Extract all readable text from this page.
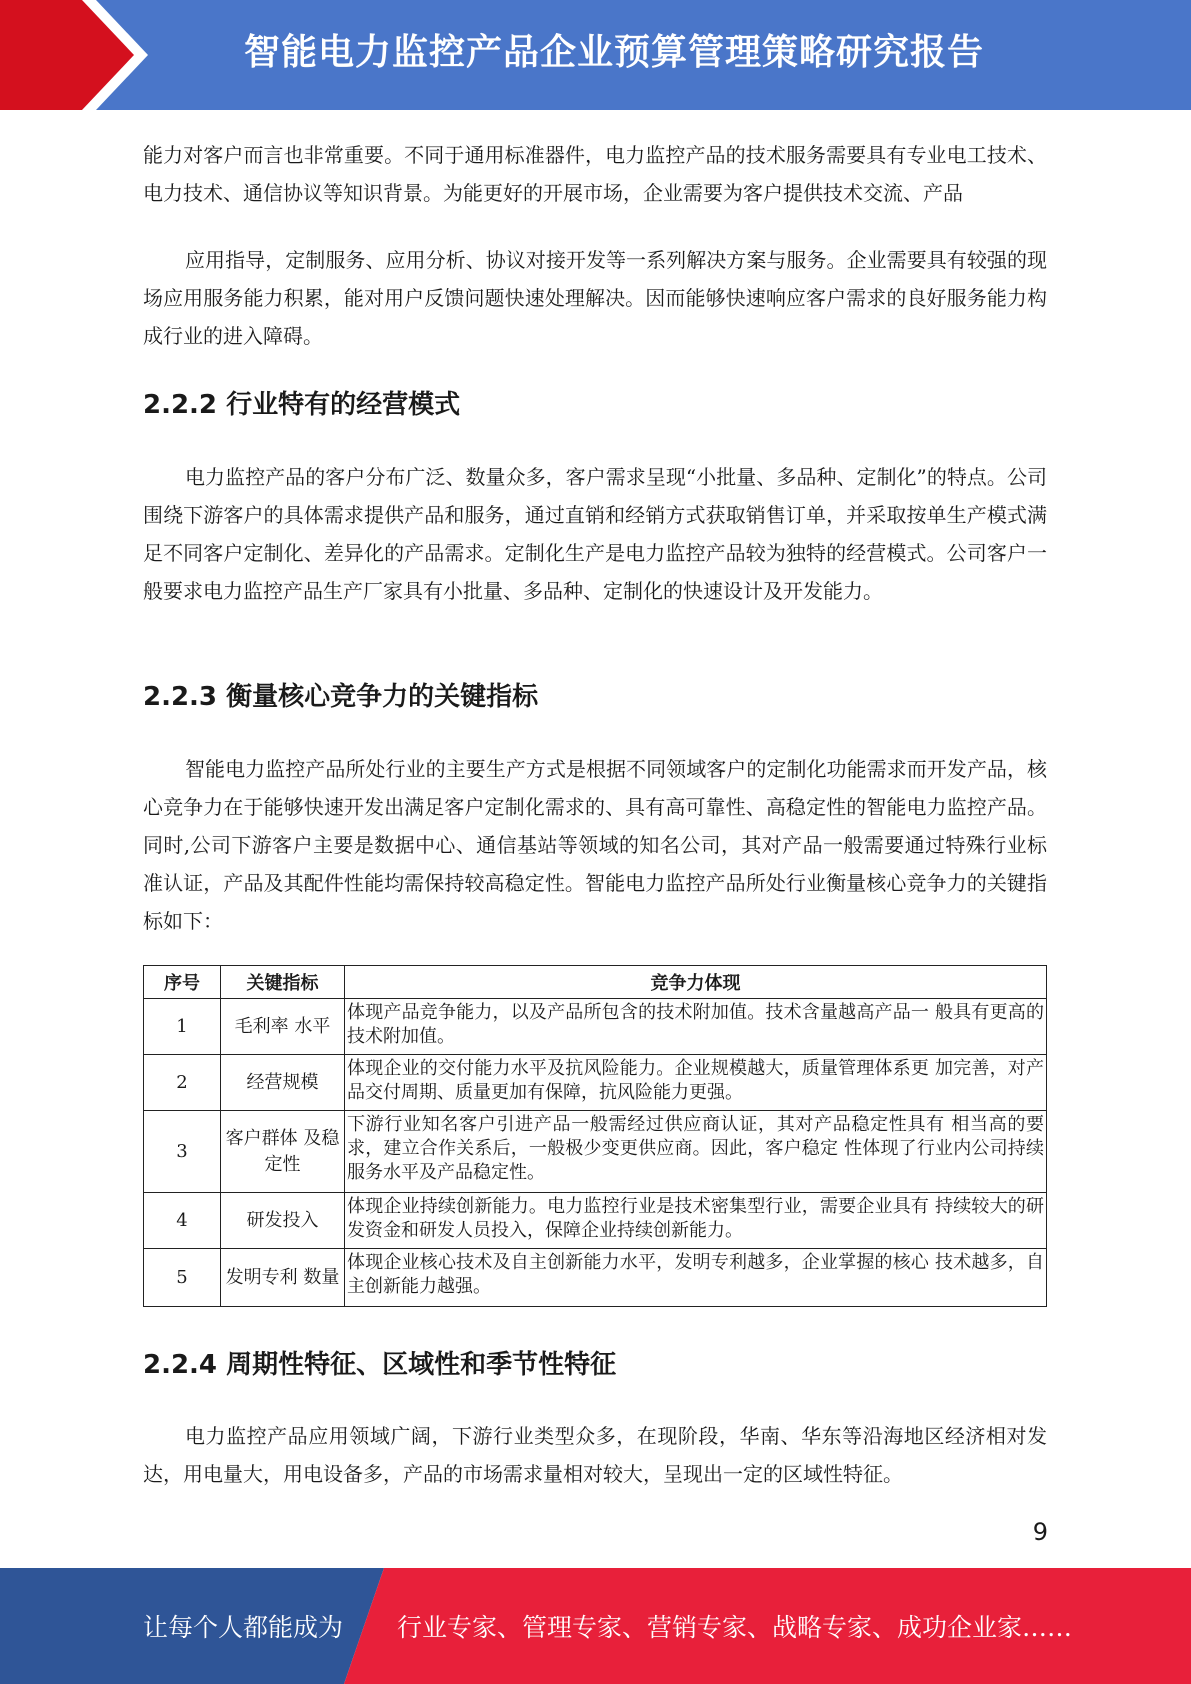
智能电力监控产品企业预算管理策略研究报告

能力对客户而言也非常重要。不同于通用标准器件，电力监控产品的技术服务需要具有专业电工技术、电力技术、通信协议等知识背景。为能更好的开展市场，企业需要为客户提供技术交流、产品

应用指导，定制服务、应用分析、协议对接开发等一系列解决方案与服务。企业需要具有较强的现场应用服务能力积累，能对用户反馈问题快速处理解决。因而能够快速响应客户需求的良好服务能力构成行业的进入障碍。

2.2.2 行业特有的经营模式

电力监控产品的客户分布广泛、数量众多，客户需求呈现“小批量、多品种、定制化”的特点。公司围绕下游客户的具体需求提供产品和服务，通过直销和经销方式获取销售订单，并采取按单生产模式满足不同客户定制化、差异化的产品需求。定制化生产是电力监控产品较为独特的经营模式。公司客户一般要求电力监控产品生产厂家具有小批量、多品种、定制化的快速设计及开发能力。

2.2.3 衡量核心竞争力的关键指标

智能电力监控产品所处行业的主要生产方式是根据不同领域客户的定制化功能需求而开发产品，核心竞争力在于能够快速开发出满足客户定制化需求的、具有高可靠性、高稳定性的智能电力监控产品。同时,公司下游客户主要是数据中心、通信基站等领域的知名公司，其对产品一般需要通过特殊行业标准认证，产品及其配件性能均需保持较高稳定性。智能电力监控产品所处行业衡量核心竞争力的关键指标如下：

序号	关键指标	竞争力体现
1	毛利率 水平	体现产品竞争能力，以及产品所包含的技术附加值。技术含量越高产品一 般具有更高的技术附加值。
2	经营规模	体现企业的交付能力水平及抗风险能力。企业规模越大，质量管理体系更 加完善，对产品交付周期、质量更加有保障，抗风险能力更强。
3	客户群体 及稳定性	下游行业知名客户引进产品一般需经过供应商认证，其对产品稳定性具有 相当高的要求，建立合作关系后，一般极少变更供应商。因此，客户稳定 性体现了行业内公司持续服务水平及产品稳定性。
4	研发投入	体现企业持续创新能力。电力监控行业是技术密集型行业，需要企业具有 持续较大的研发资金和研发人员投入，保障企业持续创新能力。
5	发明专利 数量	体现企业核心技术及自主创新能力水平，发明专利越多，企业掌握的核心 技术越多，自主创新能力越强。
2.2.4 周期性特征、区域性和季节性特征

电力监控产品应用领域广阔，下游行业类型众多，在现阶段，华南、华东等沿海地区经济相对发达，用电量大，用电设备多，产品的市场需求量相对较大，呈现出一定的区域性特征。

9
让每个人都能成为 行业专家、管理专家、营销专家、战略专家、成功企业家……
